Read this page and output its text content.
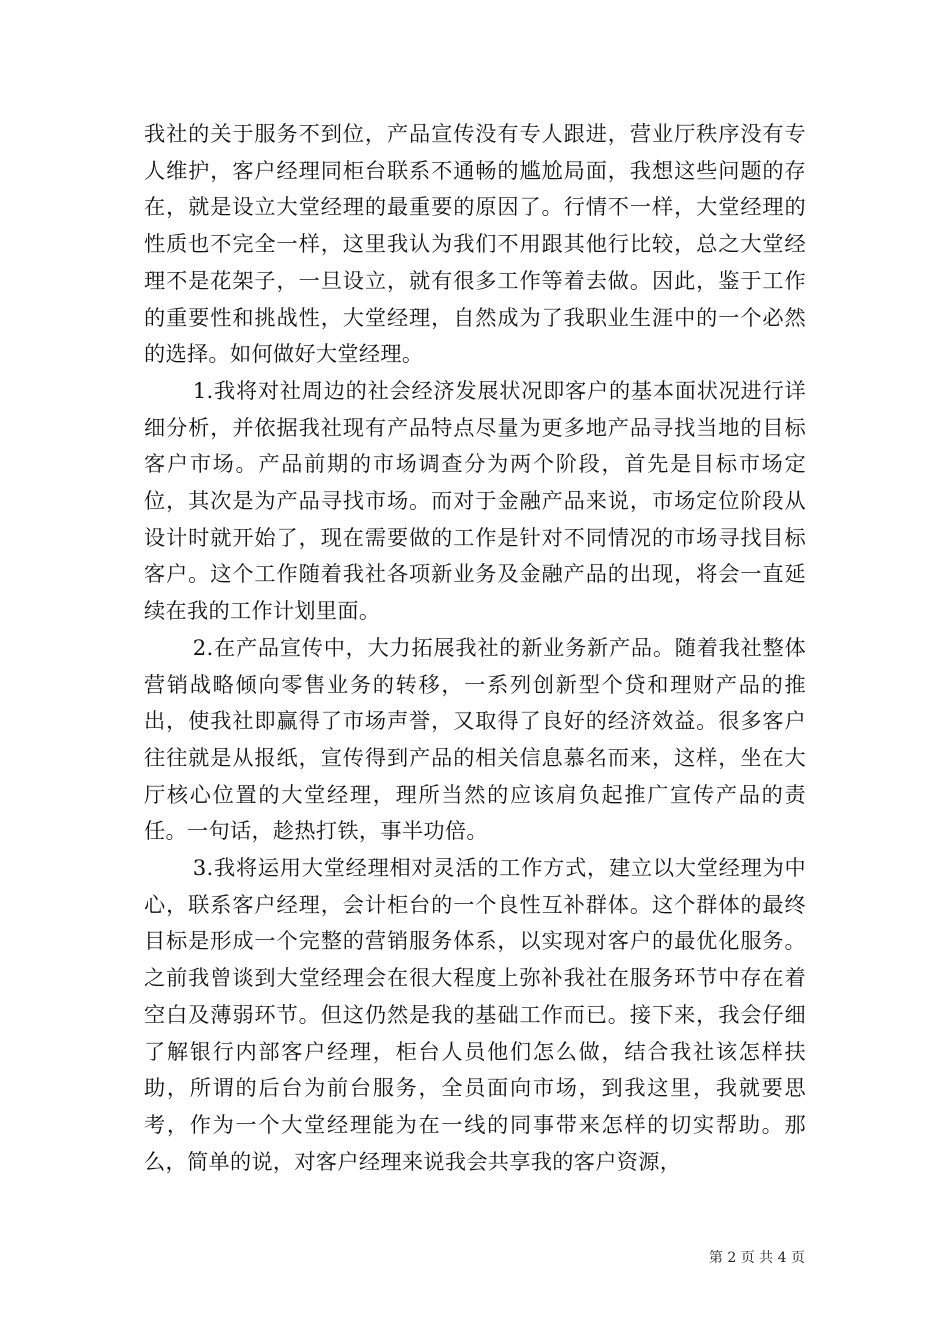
我社的关于服务不到位，产品宣传没有专人跟进，营业厅秩序没有专人维护，客户经理同柜台联系不通畅的尴尬局面，我想这些问题的存在，就是设立大堂经理的最重要的原因了。行情不一样，大堂经理的性质也不完全一样，这里我认为我们不用跟其他行比较，总之大堂经理不是花架子，一旦设立，就有很多工作等着去做。因此，鉴于工作的重要性和挑战性，大堂经理，自然成为了我职业生涯中的一个必然的选择。如何做好大堂经理。

1.我将对社周边的社会经济发展状况即客户的基本面状况进行详细分析，并依据我社现有产品特点尽量为更多地产品寻找当地的目标客户市场。产品前期的市场调查分为两个阶段，首先是目标市场定位，其次是为产品寻找市场。而对于金融产品来说，市场定位阶段从设计时就开始了，现在需要做的工作是针对不同情况的市场寻找目标客户。这个工作随着我社各项新业务及金融产品的出现，将会一直延续在我的工作计划里面。

2.在产品宣传中，大力拓展我社的新业务新产品。随着我社整体营销战略倾向零售业务的转移，一系列创新型个贷和理财产品的推出，使我社即赢得了市场声誉，又取得了良好的经济效益。很多客户往往就是从报纸，宣传得到产品的相关信息慕名而来，这样，坐在大厅核心位置的大堂经理，理所当然的应该肩负起推广宣传产品的责任。一句话，趁热打铁，事半功倍。

3.我将运用大堂经理相对灵活的工作方式，建立以大堂经理为中心，联系客户经理，会计柜台的一个良性互补群体。这个群体的最终目标是形成一个完整的营销服务体系，以实现对客户的最优化服务。之前我曾谈到大堂经理会在很大程度上弥补我社在服务环节中存在着空白及薄弱环节。但这仍然是我的基础工作而已。接下来，我会仔细了解银行内部客户经理，柜台人员他们怎么做，结合我社该怎样扶助，所谓的后台为前台服务，全员面向市场，到我这里，我就要思考，作为一个大堂经理能为在一线的同事带来怎样的切实帮助。那么，简单的说，对客户经理来说我会共享我的客户资源，

第 2 页 共 4 页
